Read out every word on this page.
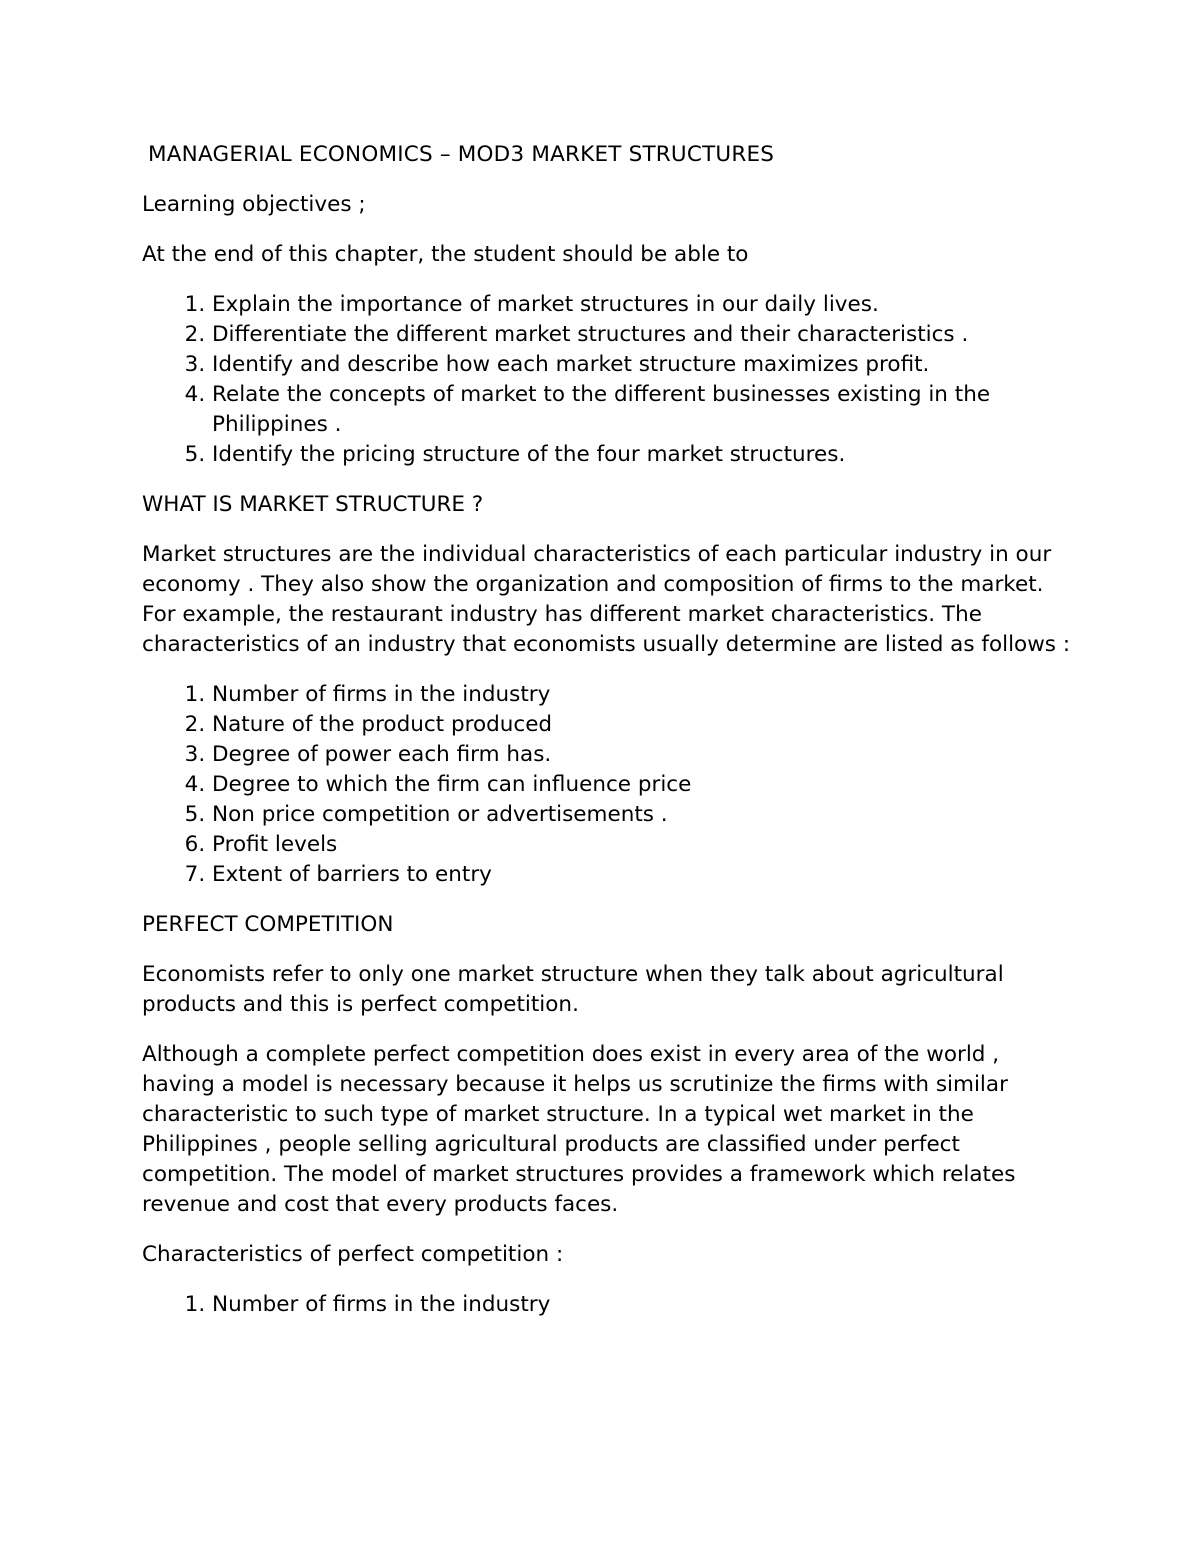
MANAGERIAL ECONOMICS – MOD3 MARKET STRUCTURES

Learning objectives ;

At the end of this chapter, the student should be able to

1. Explain the importance of market structures in our daily lives.
2. Differentiate the different market structures and their characteristics .
3. Identify and describe how each market structure maximizes profit.
4. Relate the concepts of market to the different businesses existing in the Philippines .
5. Identify the pricing structure of the four market structures.
WHAT IS MARKET STRUCTURE ?

Market structures are the individual characteristics of each particular industry in our economy . They also show the organization and composition of firms to the market. For example, the restaurant industry has different market characteristics. The characteristics of an industry that economists usually determine are listed as follows :

1. Number of firms in the industry
2. Nature of the product produced
3. Degree of power each firm has.
4. Degree to which the firm can influence price
5. Non price competition or advertisements .
6. Profit levels
7. Extent of barriers to entry
PERFECT COMPETITION

Economists refer to only one market structure when they talk about agricultural products and this is perfect competition.

Although a complete perfect competition does exist in every area of the world , having a model is necessary because it helps us scrutinize the firms with similar characteristic to such type of market structure. In a typical wet market in the Philippines , people selling agricultural products are classified under perfect competition. The model of market structures provides a framework which relates revenue and cost that every products faces.

Characteristics of perfect competition :

1. Number of firms in the industry
